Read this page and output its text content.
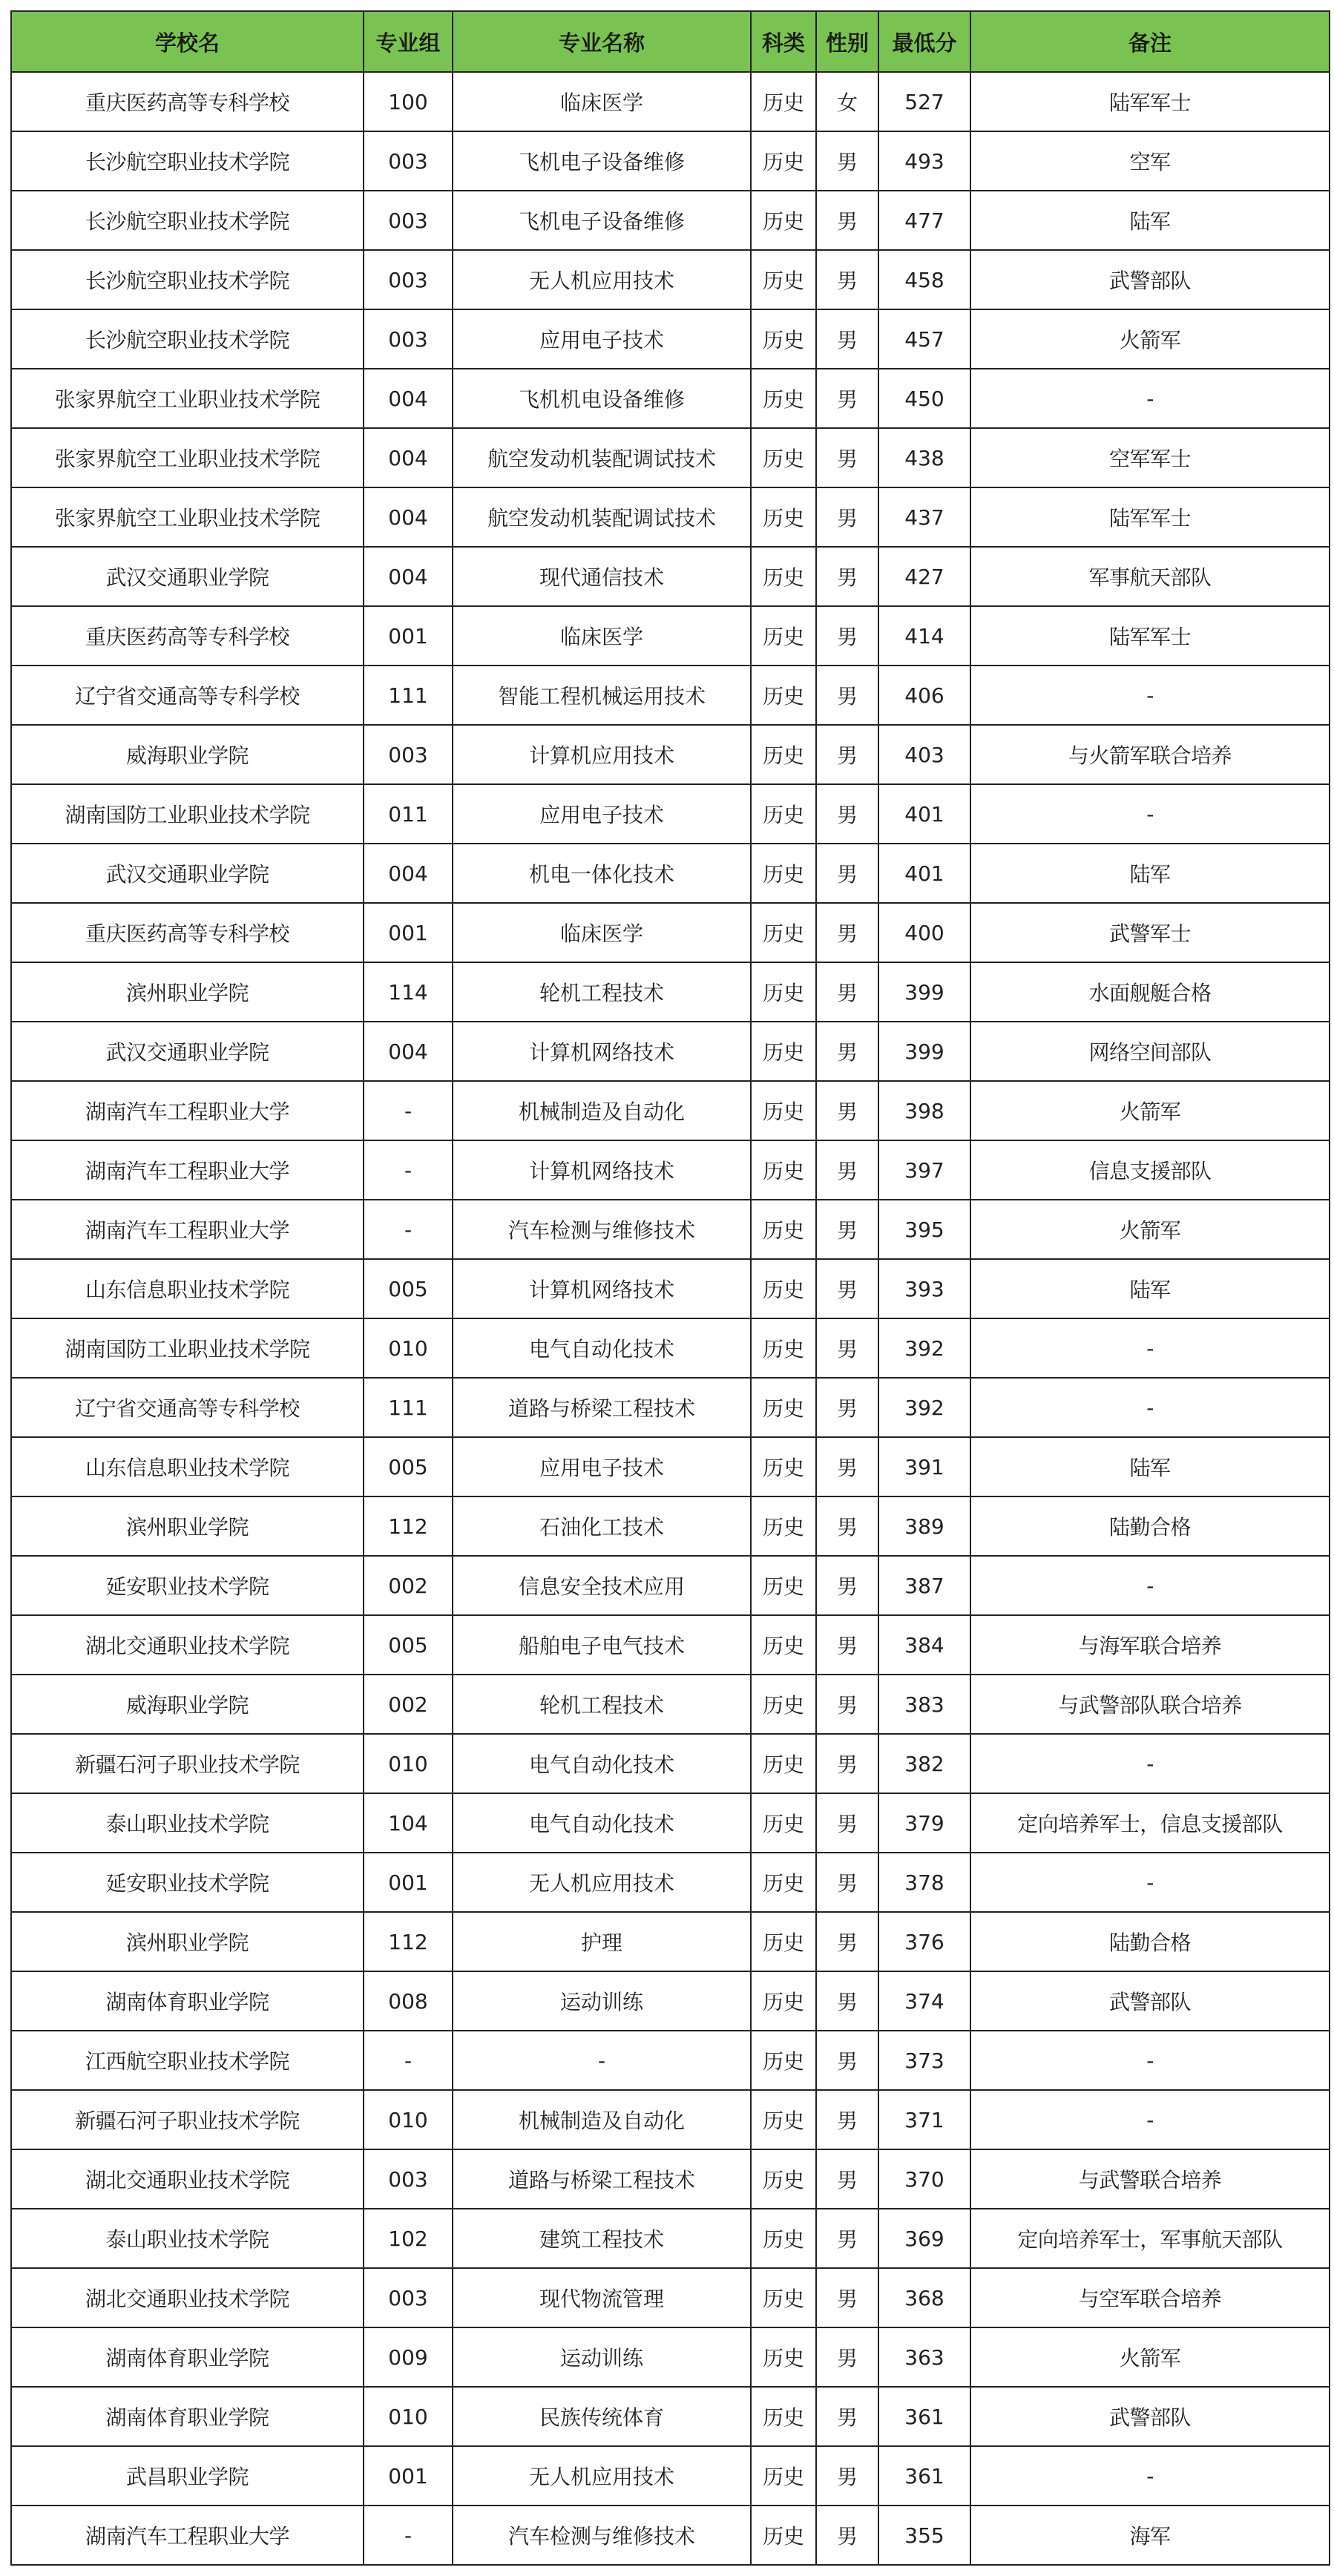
学校名	专业组	专业名称	科类	性别	最低分	备注
重庆医药高等专科学校	100	临床医学	历史	女	527	陆军军士
长沙航空职业技术学院	003	飞机电子设备维修	历史	男	493	空军
长沙航空职业技术学院	003	飞机电子设备维修	历史	男	477	陆军
长沙航空职业技术学院	003	无人机应用技术	历史	男	458	武警部队
长沙航空职业技术学院	003	应用电子技术	历史	男	457	火箭军
张家界航空工业职业技术学院	004	飞机机电设备维修	历史	男	450	-
张家界航空工业职业技术学院	004	航空发动机装配调试技术	历史	男	438	空军军士
张家界航空工业职业技术学院	004	航空发动机装配调试技术	历史	男	437	陆军军士
武汉交通职业学院	004	现代通信技术	历史	男	427	军事航天部队
重庆医药高等专科学校	001	临床医学	历史	男	414	陆军军士
辽宁省交通高等专科学校	111	智能工程机械运用技术	历史	男	406	-
威海职业学院	003	计算机应用技术	历史	男	403	与火箭军联合培养
湖南国防工业职业技术学院	011	应用电子技术	历史	男	401	-
武汉交通职业学院	004	机电一体化技术	历史	男	401	陆军
重庆医药高等专科学校	001	临床医学	历史	男	400	武警军士
滨州职业学院	114	轮机工程技术	历史	男	399	水面舰艇合格
武汉交通职业学院	004	计算机网络技术	历史	男	399	网络空间部队
湖南汽车工程职业大学	-	机械制造及自动化	历史	男	398	火箭军
湖南汽车工程职业大学	-	计算机网络技术	历史	男	397	信息支援部队
湖南汽车工程职业大学	-	汽车检测与维修技术	历史	男	395	火箭军
山东信息职业技术学院	005	计算机网络技术	历史	男	393	陆军
湖南国防工业职业技术学院	010	电气自动化技术	历史	男	392	-
辽宁省交通高等专科学校	111	道路与桥梁工程技术	历史	男	392	-
山东信息职业技术学院	005	应用电子技术	历史	男	391	陆军
滨州职业学院	112	石油化工技术	历史	男	389	陆勤合格
延安职业技术学院	002	信息安全技术应用	历史	男	387	-
湖北交通职业技术学院	005	船舶电子电气技术	历史	男	384	与海军联合培养
威海职业学院	002	轮机工程技术	历史	男	383	与武警部队联合培养
新疆石河子职业技术学院	010	电气自动化技术	历史	男	382	-
泰山职业技术学院	104	电气自动化技术	历史	男	379	定向培养军士，信息支援部队
延安职业技术学院	001	无人机应用技术	历史	男	378	-
滨州职业学院	112	护理	历史	男	376	陆勤合格
湖南体育职业学院	008	运动训练	历史	男	374	武警部队
江西航空职业技术学院	-	-	历史	男	373	-
新疆石河子职业技术学院	010	机械制造及自动化	历史	男	371	-
湖北交通职业技术学院	003	道路与桥梁工程技术	历史	男	370	与武警联合培养
泰山职业技术学院	102	建筑工程技术	历史	男	369	定向培养军士，军事航天部队
湖北交通职业技术学院	003	现代物流管理	历史	男	368	与空军联合培养
湖南体育职业学院	009	运动训练	历史	男	363	火箭军
湖南体育职业学院	010	民族传统体育	历史	男	361	武警部队
武昌职业学院	001	无人机应用技术	历史	男	361	-
湖南汽车工程职业大学	-	汽车检测与维修技术	历史	男	355	海军
